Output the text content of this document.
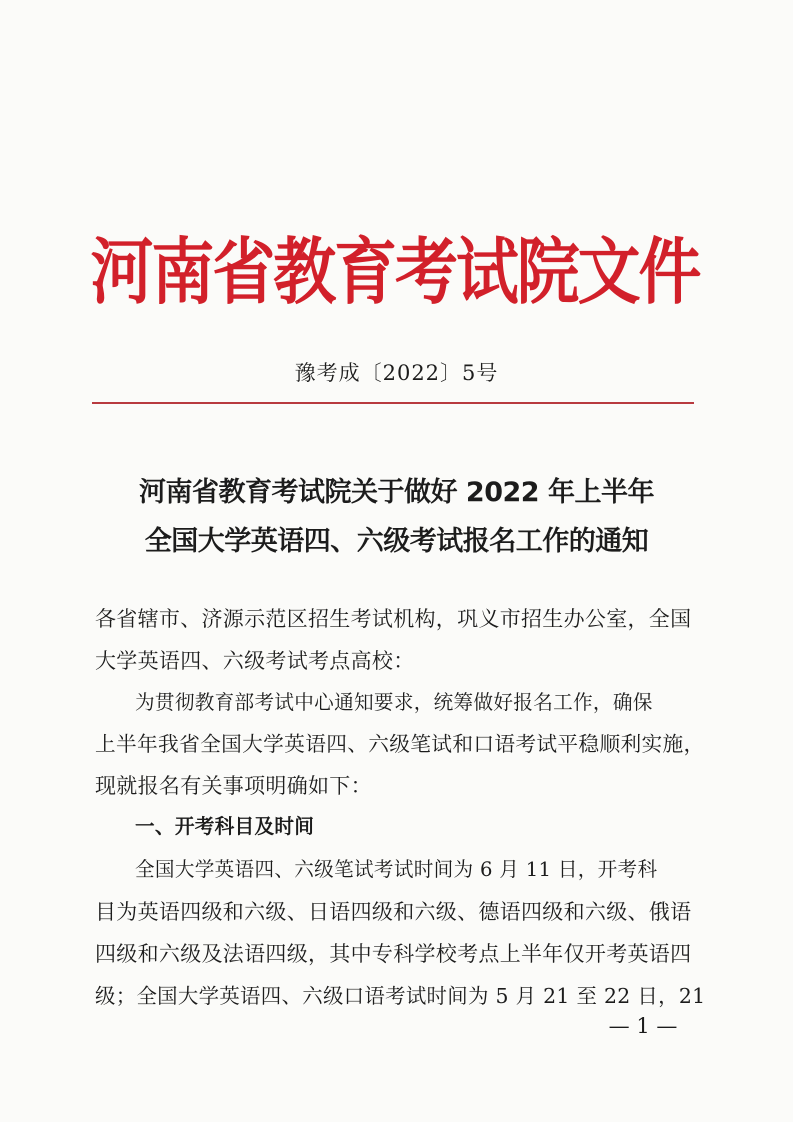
河南省教育考试院文件
豫考成〔2022〕5号
河南省教育考试院关于做好 2022 年上半年
全国大学英语四、六级考试报名工作的通知
各省辖市、济源示范区招生考试机构，巩义市招生办公室，全国
大学英语四、六级考试考点高校：
为贯彻教育部考试中心通知要求，统筹做好报名工作，确保
上半年我省全国大学英语四、六级笔试和口语考试平稳顺利实施，
现就报名有关事项明确如下：
一、开考科目及时间
全国大学英语四、六级笔试考试时间为 6 月 11 日，开考科
目为英语四级和六级、日语四级和六级、德语四级和六级、俄语
四级和六级及法语四级，其中专科学校考点上半年仅开考英语四
级；全国大学英语四、六级口语考试时间为 5 月 21 至 22 日，21
— 1 —
